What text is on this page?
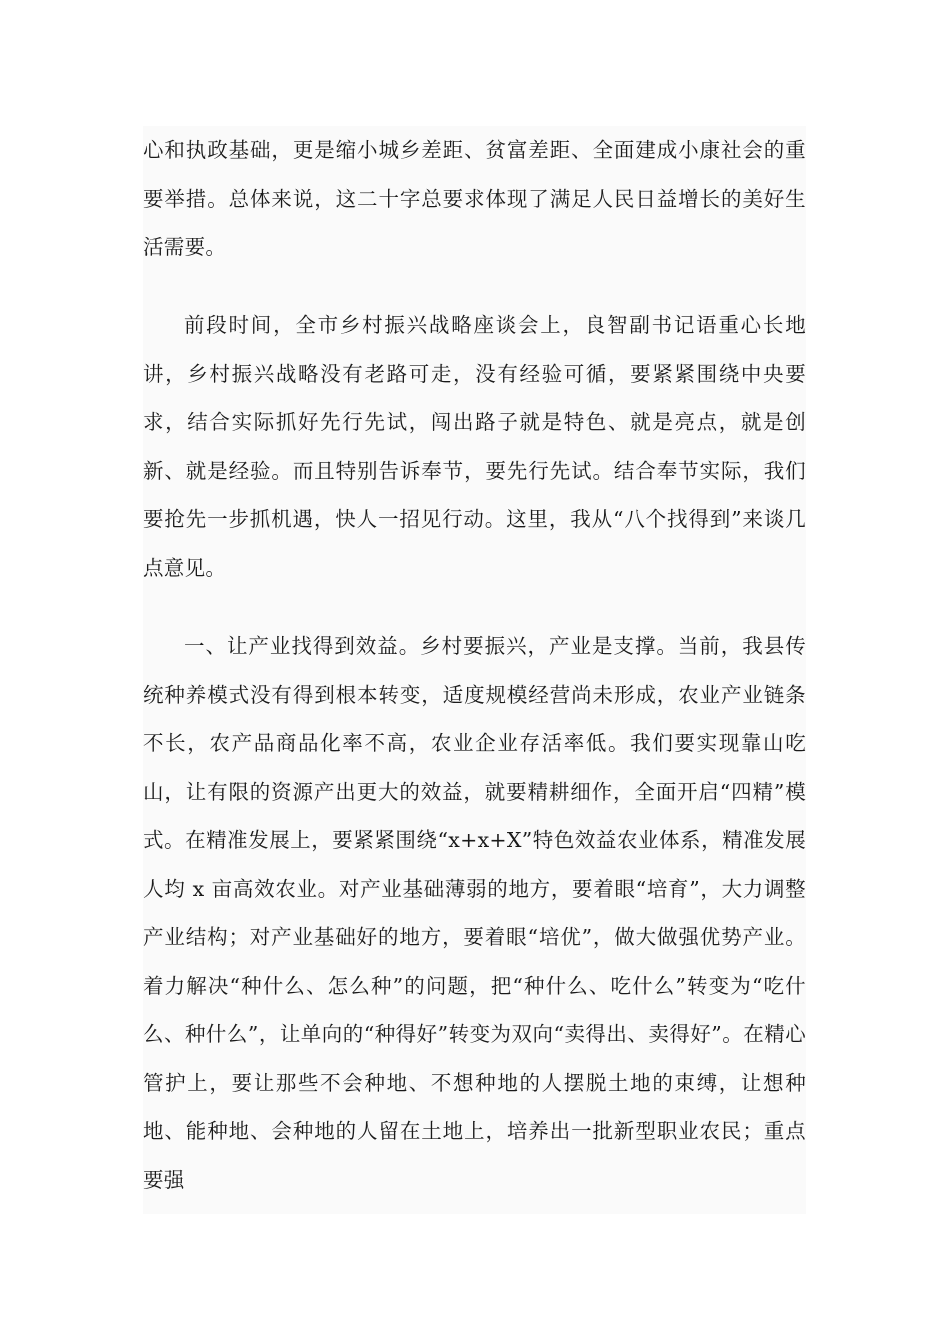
心和执政基础，更是缩小城乡差距、贫富差距、全面建成小康社会的重要举措。总体来说，这二十字总要求体现了满足人民日益增长的美好生活需要。

前段时间，全市乡村振兴战略座谈会上，良智副书记语重心长地讲，乡村振兴战略没有老路可走，没有经验可循，要紧紧围绕中央要求，结合实际抓好先行先试，闯出路子就是特色、就是亮点，就是创新、就是经验。而且特别告诉奉节，要先行先试。结合奉节实际，我们要抢先一步抓机遇，快人一招见行动。这里，我从“八个找得到”来谈几点意见。

一、让产业找得到效益。乡村要振兴，产业是支撑。当前，我县传统种养模式没有得到根本转变，适度规模经营尚未形成，农业产业链条不长，农产品商品化率不高，农业企业存活率低。我们要实现靠山吃山，让有限的资源产出更大的效益，就要精耕细作，全面开启“四精”模式。在精准发展上，要紧紧围绕“x+x+X”特色效益农业体系，精准发展人均 x 亩高效农业。对产业基础薄弱的地方，要着眼“培育”，大力调整产业结构；对产业基础好的地方，要着眼“培优”，做大做强优势产业。着力解决“种什么、怎么种”的问题，把“种什么、吃什么”转变为“吃什么、种什么”，让单向的“种得好”转变为双向“卖得出、卖得好”。在精心管护上，要让那些不会种地、不想种地的人摆脱土地的束缚，让想种地、能种地、会种地的人留在土地上，培养出一批新型职业农民；重点要强
